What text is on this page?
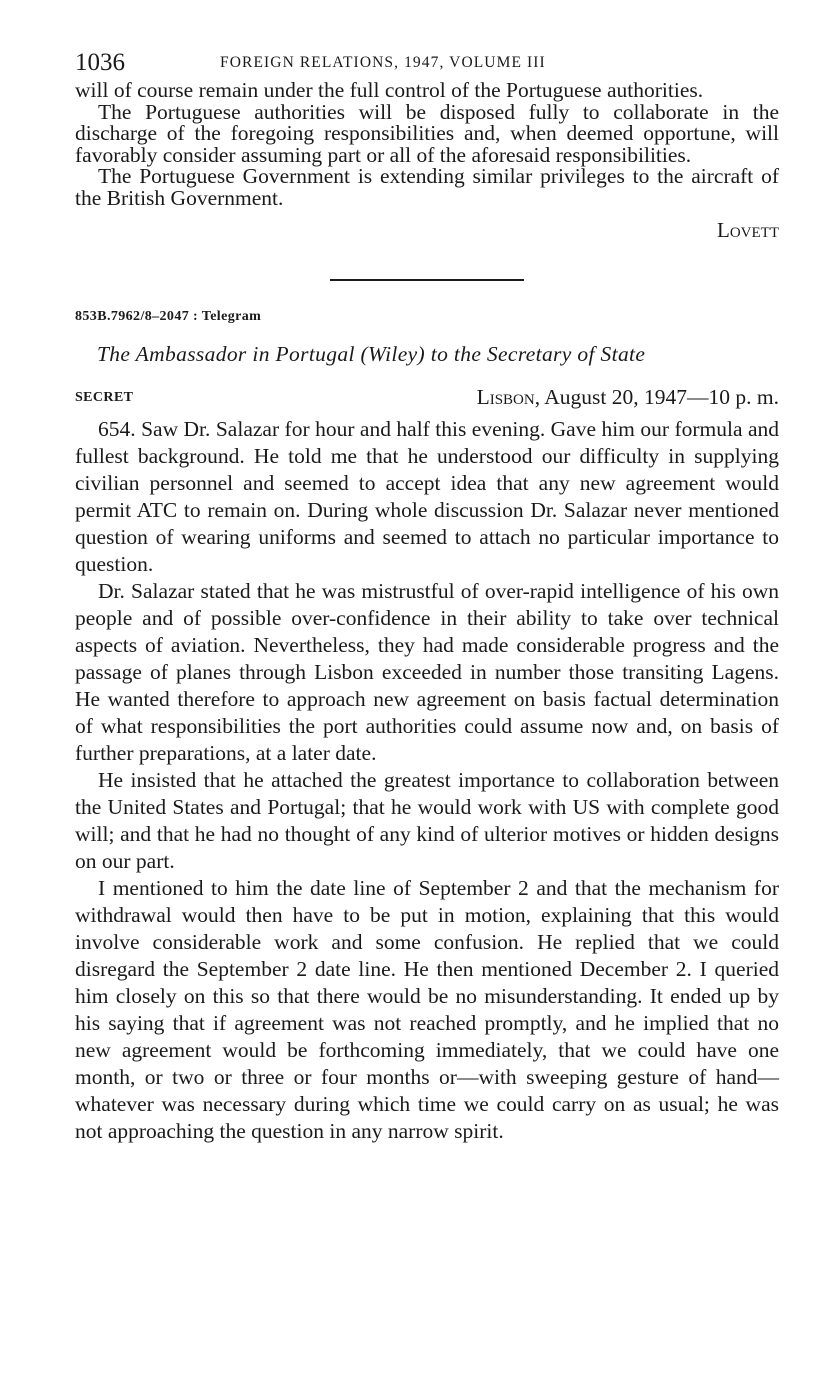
1036	FOREIGN RELATIONS, 1947, VOLUME III

will of course remain under the full control of the Portuguese authorities.

The Portuguese authorities will be disposed fully to collaborate in the discharge of the foregoing responsibilities and, when deemed opportune, will favorably consider assuming part or all of the aforesaid responsibilities.

The Portuguese Government is extending similar privileges to the aircraft of the British Government.

Lovett

853B.7962/8–2047 : Telegram
The Ambassador in Portugal (Wiley) to the Secretary of State
SECRET	Lisbon, August 20, 1947—10 p. m.

654. Saw Dr. Salazar for hour and half this evening. Gave him our formula and fullest background. He told me that he understood our difficulty in supplying civilian personnel and seemed to accept idea that any new agreement would permit ATC to remain on. During whole discussion Dr. Salazar never mentioned question of wearing uniforms and seemed to attach no particular importance to question.

Dr. Salazar stated that he was mistrustful of over-rapid intelligence of his own people and of possible over-confidence in their ability to take over technical aspects of aviation. Nevertheless, they had made considerable progress and the passage of planes through Lisbon exceeded in number those transiting Lagens. He wanted therefore to approach new agreement on basis factual determination of what responsibilities the port authorities could assume now and, on basis of further preparations, at a later date.

He insisted that he attached the greatest importance to collaboration between the United States and Portugal; that he would work with US with complete good will; and that he had no thought of any kind of ulterior motives or hidden designs on our part.

I mentioned to him the date line of September 2 and that the mechanism for withdrawal would then have to be put in motion, explaining that this would involve considerable work and some confusion. He replied that we could disregard the September 2 date line. He then mentioned December 2. I queried him closely on this so that there would be no misunderstanding. It ended up by his saying that if agreement was not reached promptly, and he implied that no new agreement would be forthcoming immediately, that we could have one month, or two or three or four months or—with sweeping gesture of hand—whatever was necessary during which time we could carry on as usual; he was not approaching the question in any narrow spirit.
